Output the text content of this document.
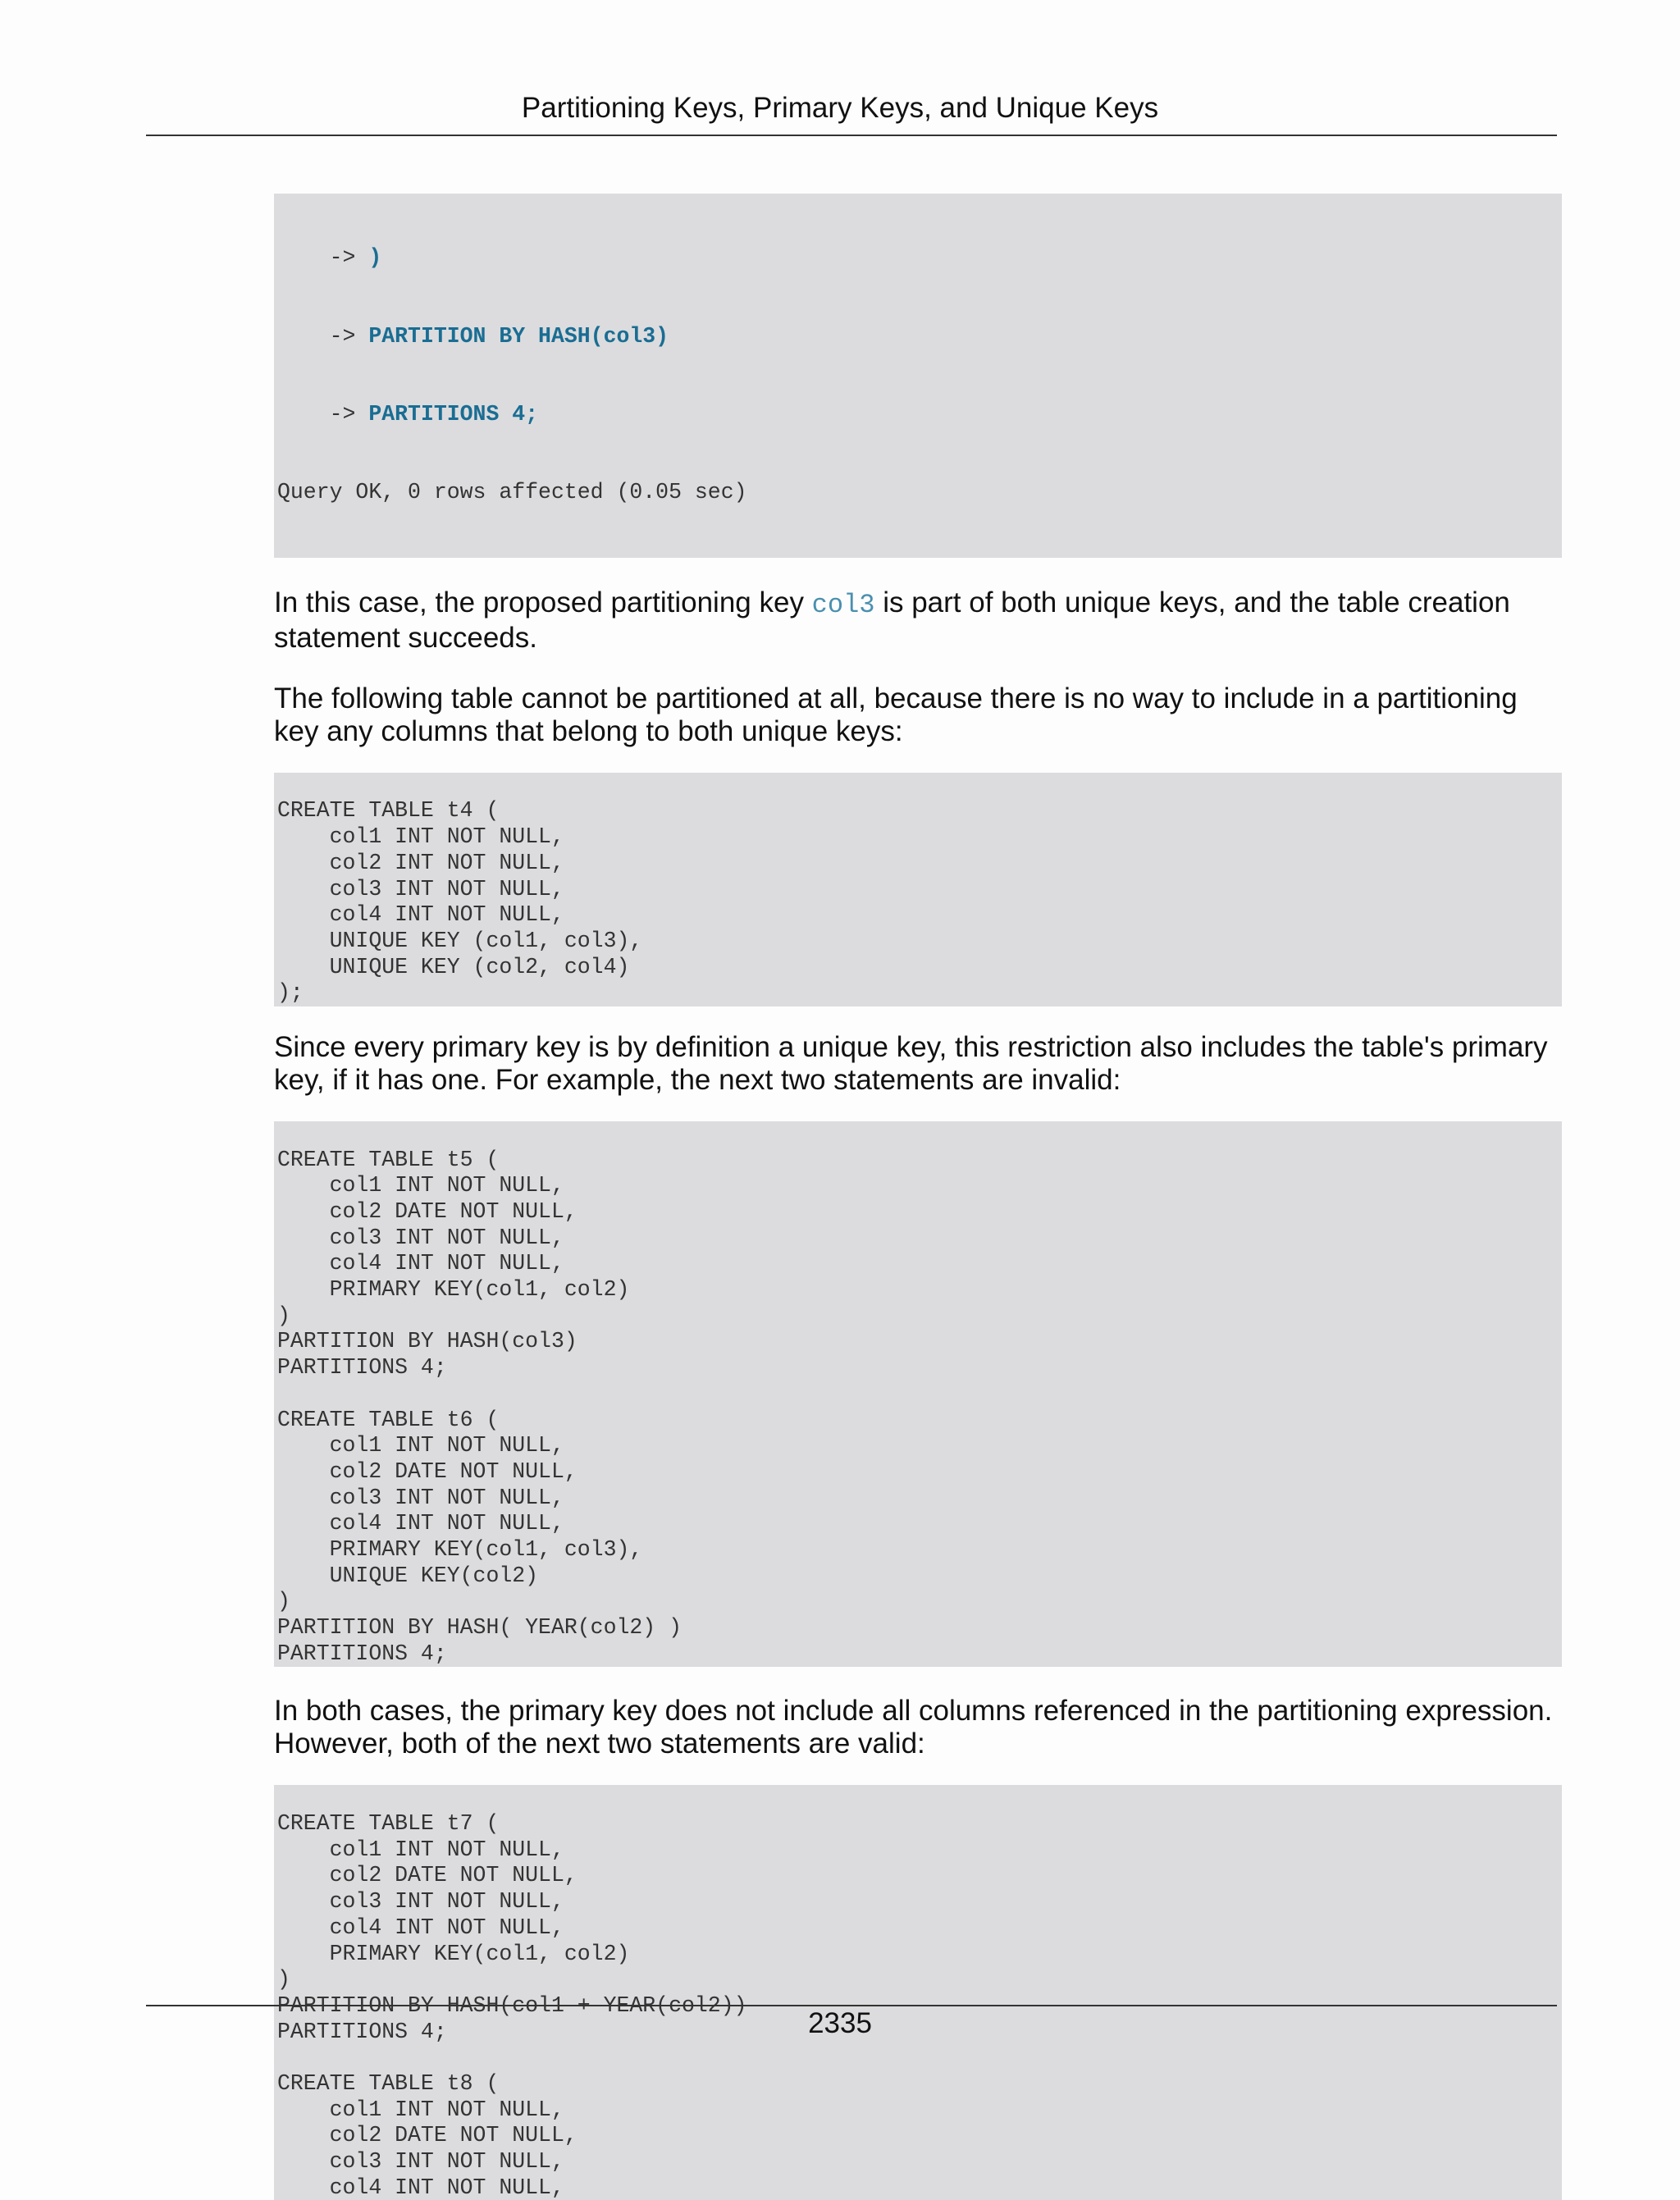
Partitioning Keys, Primary Keys, and Unique Keys

-> )

-> PARTITION BY HASH(col3)

-> PARTITIONS 4;

Query OK, 0 rows affected (0.05 sec)

In this case, the proposed partitioning key col3 is part of both unique keys, and the table creation statement succeeds.

The following table cannot be partitioned at all, because there is no way to include in a partitioning key any columns that belong to both unique keys:

CREATE TABLE t4 (
col1 INT NOT NULL,
col2 INT NOT NULL,
col3 INT NOT NULL,
col4 INT NOT NULL,
UNIQUE KEY (col1, col3),
UNIQUE KEY (col2, col4)
);

Since every primary key is by definition a unique key, this restriction also includes the table's primary key, if it has one. For example, the next two statements are invalid:

CREATE TABLE t5 (
col1 INT NOT NULL,
col2 DATE NOT NULL,
col3 INT NOT NULL,
col4 INT NOT NULL,
PRIMARY KEY(col1, col2)
)
PARTITION BY HASH(col3)
PARTITIONS 4;
CREATE TABLE t6 (
col1 INT NOT NULL,
col2 DATE NOT NULL,
col3 INT NOT NULL,
col4 INT NOT NULL,
PRIMARY KEY(col1, col3),
UNIQUE KEY(col2)
)
PARTITION BY HASH( YEAR(col2) )
PARTITIONS 4;

In both cases, the primary key does not include all columns referenced in the partitioning expression. However, both of the next two statements are valid:

CREATE TABLE t7 (
col1 INT NOT NULL,
col2 DATE NOT NULL,
col3 INT NOT NULL,
col4 INT NOT NULL,
PRIMARY KEY(col1, col2)
)
PARTITION BY HASH(col1 + YEAR(col2))
PARTITIONS 4;
CREATE TABLE t8 (
col1 INT NOT NULL,
col2 DATE NOT NULL,
col3 INT NOT NULL,
col4 INT NOT NULL,
2335
